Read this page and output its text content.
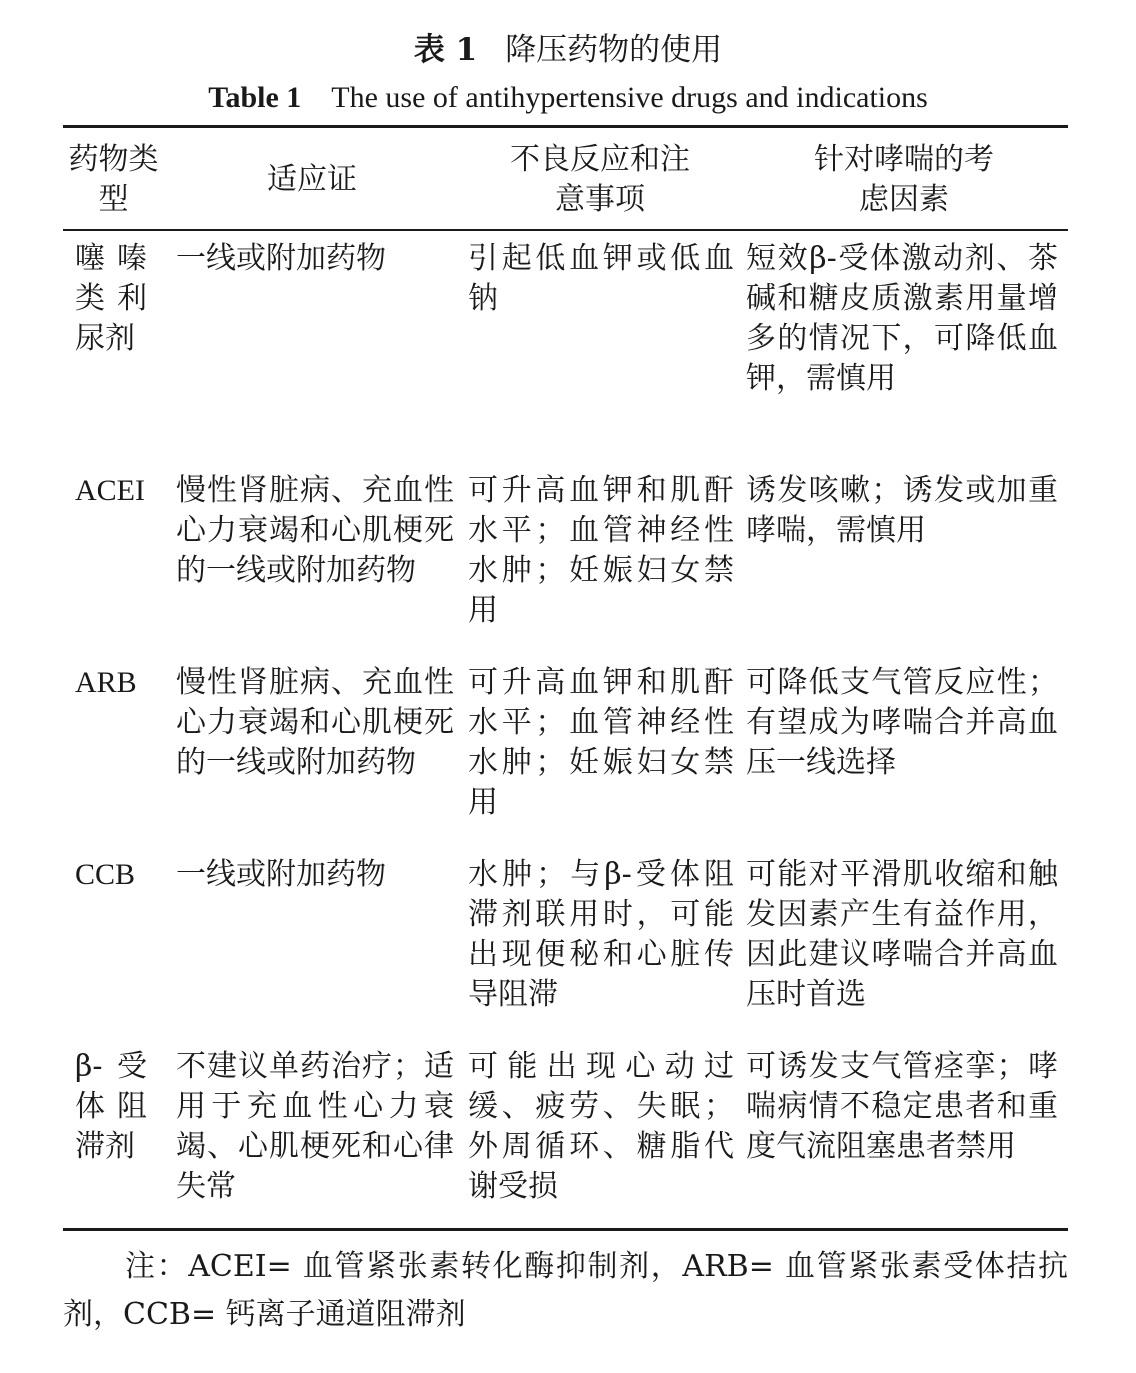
表 1 降压药物的使用
Table 1 The use of antihypertensive drugs and indications
药物类型	适应证	不良反应和注意事项	针对哮喘的考虑因素

噻嗪类利尿剂	一线或附加药物	引起低血钾或低血钠	短效β-受体激动剂、茶碱和糖皮质激素用量增多的情况下，可降低血钾，需慎用

ACEI	慢性肾脏病、充血性心力衰竭和心肌梗死的一线或附加药物	可升高血钾和肌酐水平；血管神经性水肿；妊娠妇女禁用	诱发咳嗽；诱发或加重哮喘，需慎用

ARB	慢性肾脏病、充血性心力衰竭和心肌梗死的一线或附加药物	可升高血钾和肌酐水平；血管神经性水肿；妊娠妇女禁用	可降低支气管反应性；有望成为哮喘合并高血压一线选择

CCB	一线或附加药物	水肿；与β-受体阻滞剂联用时，可能出现便秘和心脏传导阻滞	可能对平滑肌收缩和触发因素产生有益作用，因此建议哮喘合并高血压时首选

β-受体阻滞剂	不建议单药治疗；适用于充血性心力衰竭、心肌梗死和心律失常	可能出现心动过缓、疲劳、失眠；外周循环、糖脂代谢受损	可诱发支气管痉挛；哮喘病情不稳定患者和重度气流阻塞患者禁用
注：ACEI= 血管紧张素转化酶抑制剂，ARB= 血管紧张素受体拮抗剂，CCB= 钙离子通道阻滞剂
